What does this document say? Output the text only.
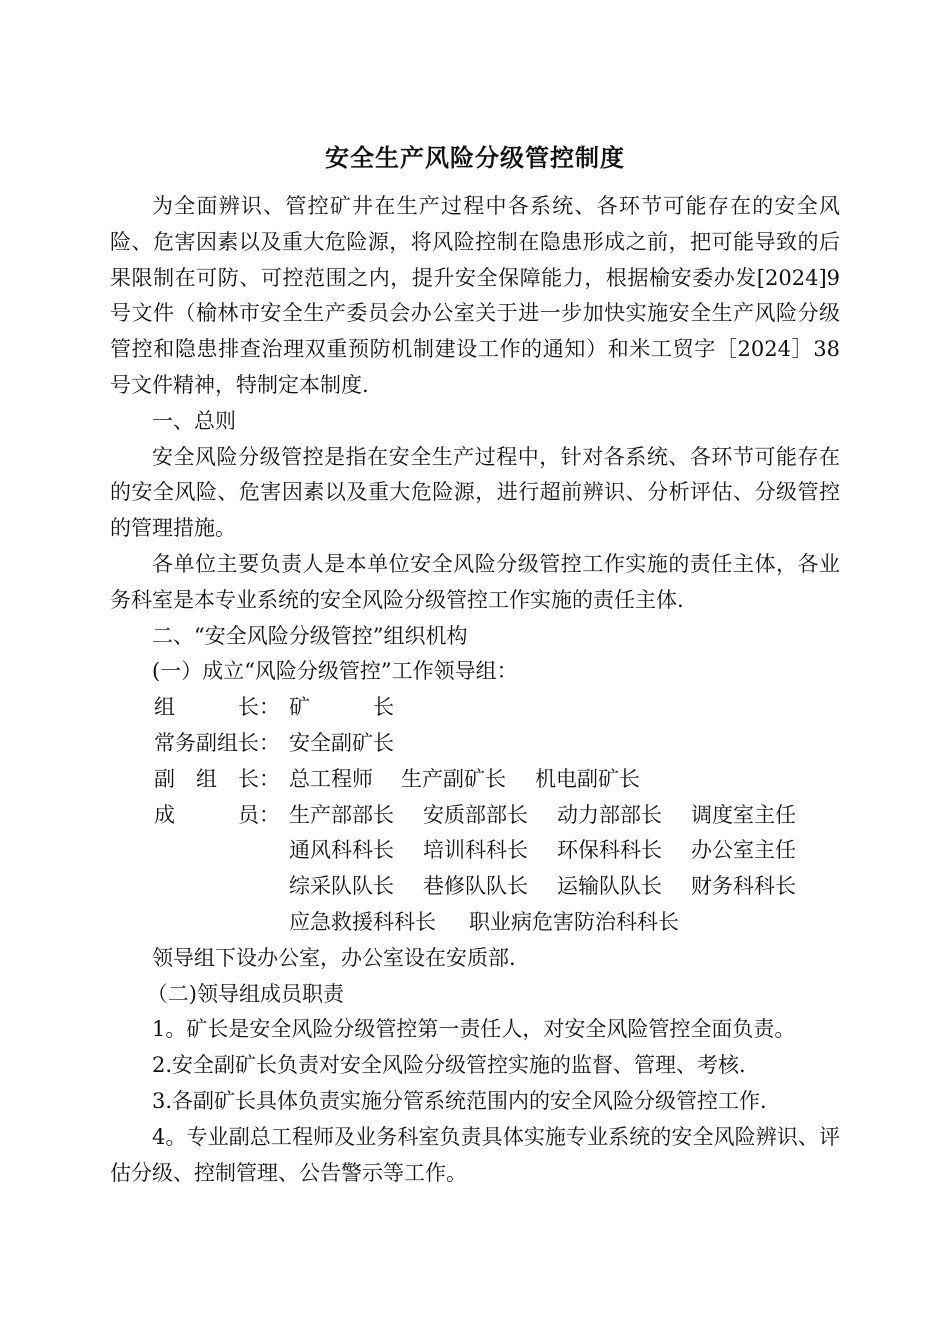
安全生产风险分级管控制度

为全面辨识、管控矿井在生产过程中各系统、各环节可能存在的安全风险、危害因素以及重大危险源，将风险控制在隐患形成之前，把可能导致的后果限制在可防、可控范围之内，提升安全保障能力，根据榆安委办发[2024]9号文件（榆林市安全生产委员会办公室关于进一步加快实施安全生产风险分级管控和隐患排查治理双重预防机制建设工作的通知）和米工贸字［2024］38号文件精神，特制定本制度.

一、总则

安全风险分级管控是指在安全生产过程中，针对各系统、各环节可能存在的安全风险、危害因素以及重大危险源，进行超前辨识、分析评估、分级管控的管理措施。

各单位主要负责人是本单位安全风险分级管控工作实施的责任主体，各业务科室是本专业系统的安全风险分级管控工作实施的责任主体.

二、“安全风险分级管控”组织机构

(一）成立“风险分级管控”工作领导组：

组　　　长： 矿　　　长
常务副组长： 安全副矿长
副　组　长： 总工程师	生产副矿长	机电副矿长
成　　　员： 生产部部长	安质部部长	动力部部长	调度室主任
通风科科长	培训科科长	环保科科长	办公室主任
综采队队长	巷修队队长	运输队队长	财务科科长
应急救援科科长	职业病危害防治科科长

领导组下设办公室，办公室设在安质部.

（二)领导组成员职责

1。矿长是安全风险分级管控第一责任人，对安全风险管控全面负责。

2.安全副矿长负责对安全风险分级管控实施的监督、管理、考核.

3.各副矿长具体负责实施分管系统范围内的安全风险分级管控工作.

4。专业副总工程师及业务科室负责具体实施专业系统的安全风险辨识、评估分级、控制管理、公告警示等工作。
